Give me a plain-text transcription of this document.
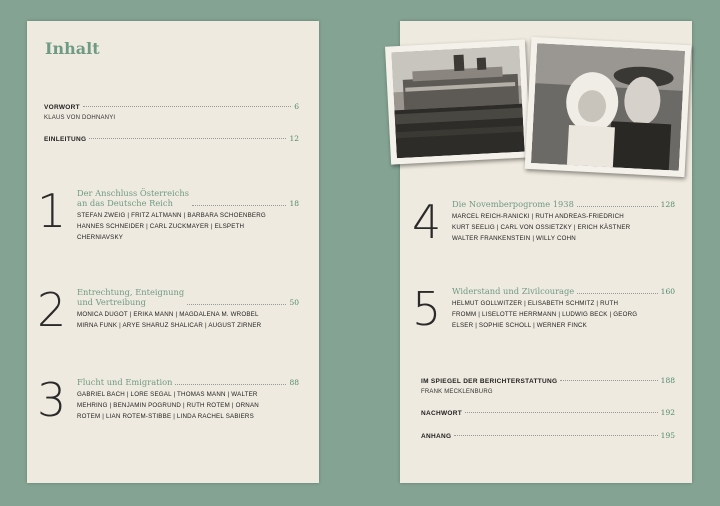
Inhalt
VORWORT	6
KLAUS VON DOHNANYI
EINLEITUNG	12
1 Der Anschluss Österreichs
an das Deutsche Reich	18
STEFAN ZWEIG | FRITZ ALTMANN | BARBARA SCHOENBERG
HANNES SCHNEIDER | CARL ZUCKMAYER | ELSPETH
CHERNIAVSKY
2 Entrechtung, Enteignung
und Vertreibung	50
MONICA DUGOT | ERIKA MANN | MAGDALENA M. WROBEL
MIRNA FUNK | ARYE SHARUZ SHALICAR | AUGUST ZIRNER
3 Flucht und Emigration	88
GABRIEL BACH | LORE SEGAL | THOMAS MANN | WALTER
MEHRING | BENJAMIN POGRUND | RUTH ROTEM | ORNAN
ROTEM | LIAN ROTEM-STIBBE | LINDA RACHEL SABIERS
4 Die Novemberpogrome 1938	128
MARCEL REICH-RANICKI | RUTH ANDREAS-FRIEDRICH
KURT SEELIG | CARL VON OSSIETZKY | ERICH KÄSTNER
WALTER FRANKENSTEIN | WILLY COHN
5 Widerstand und Zivilcourage	160
HELMUT GOLLWITZER | ELISABETH SCHMITZ | RUTH
FROMM | LISELOTTE HERRMANN | LUDWIG BECK | GEORG
ELSER | SOPHIE SCHOLL | WERNER FINCK
IM SPIEGEL DER BERICHTERSTATTUNG	188
FRANK MECKLENBURG
NACHWORT	192
ANHANG	195
